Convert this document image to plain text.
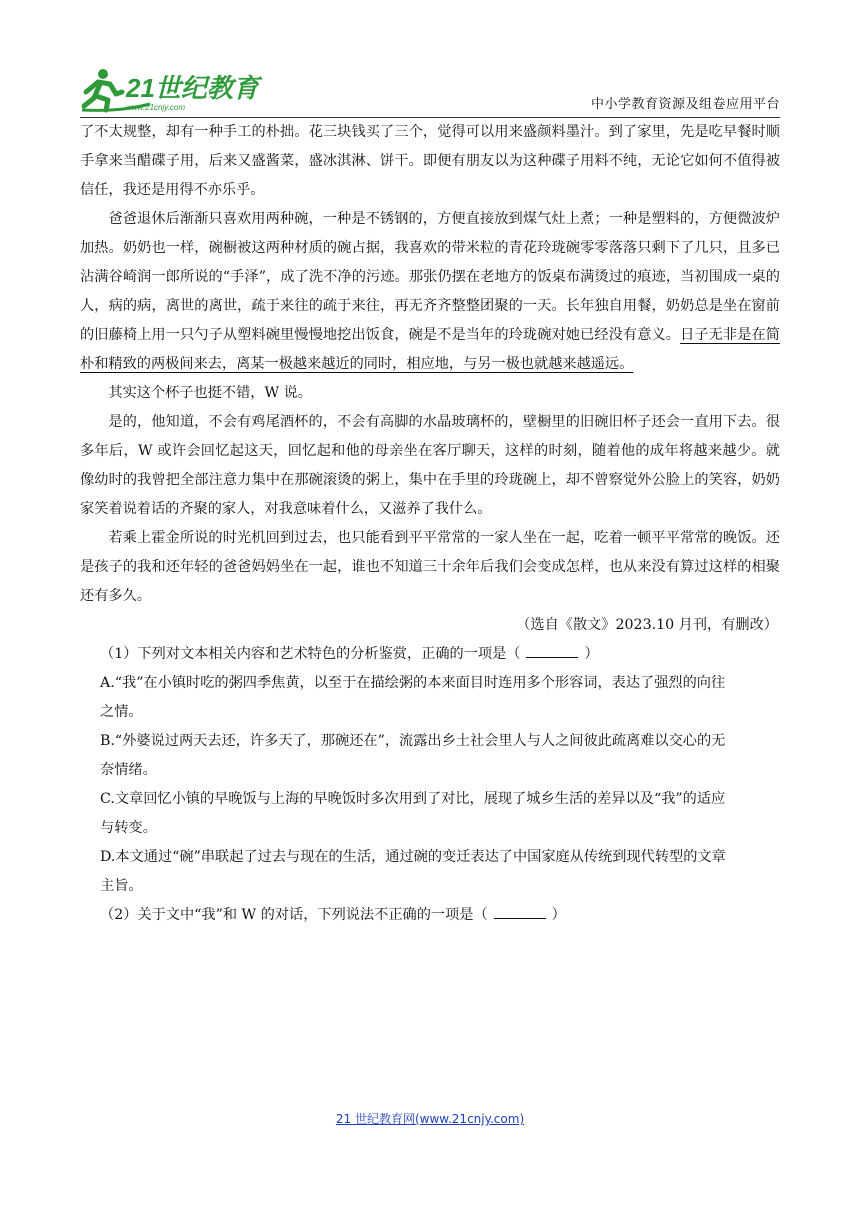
21世纪教育
www.21cnjy.com	中小学教育资源及组卷应用平台

了不太规整，却有一种手工的朴拙。花三块钱买了三个，觉得可以用来盛颜料墨汁。到了家里，先是吃早餐时顺手拿来当醋碟子用，后来又盛酱菜，盛冰淇淋、饼干。即便有朋友以为这种碟子用料不纯，无论它如何不值得被信任，我还是用得不亦乐乎。

爸爸退休后渐渐只喜欢用两种碗，一种是不锈钢的，方便直接放到煤气灶上煮；一种是塑料的，方便微波炉加热。奶奶也一样，碗橱被这两种材质的碗占据，我喜欢的带米粒的青花玲珑碗零零落落只剩下了几只，且多已沾满谷崎润一郎所说的“手泽”，成了洗不净的污迹。那张仍摆在老地方的饭桌布满烫过的痕迹，当初围成一桌的人，病的病，离世的离世，疏于来往的疏于来往，再无齐齐整整团聚的一天。长年独自用餐，奶奶总是坐在窗前的旧藤椅上用一只勺子从塑料碗里慢慢地挖出饭食，碗是不是当年的玲珑碗对她已经没有意义。日子无非是在简朴和精致的两极间来去，离某一极越来越近的同时，相应地，与另一极也就越来越遥远。

其实这个杯子也挺不错，W 说。

是的，他知道，不会有鸡尾酒杯的，不会有高脚的水晶玻璃杯的，壁橱里的旧碗旧杯子还会一直用下去。很多年后，W 或许会回忆起这天，回忆起和他的母亲坐在客厅聊天，这样的时刻，随着他的成年将越来越少。就像幼时的我曾把全部注意力集中在那碗滚烫的粥上，集中在手里的玲珑碗上，却不曾察觉外公脸上的笑容，奶奶家笑着说着话的齐聚的家人，对我意味着什么，又滋养了我什么。

若乘上霍金所说的时光机回到过去，也只能看到平平常常的一家人坐在一起，吃着一顿平平常常的晚饭。还是孩子的我和还年轻的爸爸妈妈坐在一起，谁也不知道三十余年后我们会变成怎样，也从来没有算过这样的相聚还有多久。

（选自《散文》2023.10 月刊，有删改）

（1）下列对文本相关内容和艺术特色的分析鉴赏，正确的一项是（	）

A.“我”在小镇时吃的粥四季焦黄，以至于在描绘粥的本来面目时连用多个形容词，表达了强烈的向往

之情。

B.“外婆说过两天去还，许多天了，那碗还在”，流露出乡土社会里人与人之间彼此疏离难以交心的无

奈情绪。

C.文章回忆小镇的早晚饭与上海的早晚饭时多次用到了对比，展现了城乡生活的差异以及“我”的适应

与转变。

D.本文通过“碗”串联起了过去与现在的生活，通过碗的变迁表达了中国家庭从传统到现代转型的文章

主旨。

（2）关于文中“我”和 W 的对话，下列说法不正确的一项是（	）

21 世纪教育网(www.21cnjy.com)
